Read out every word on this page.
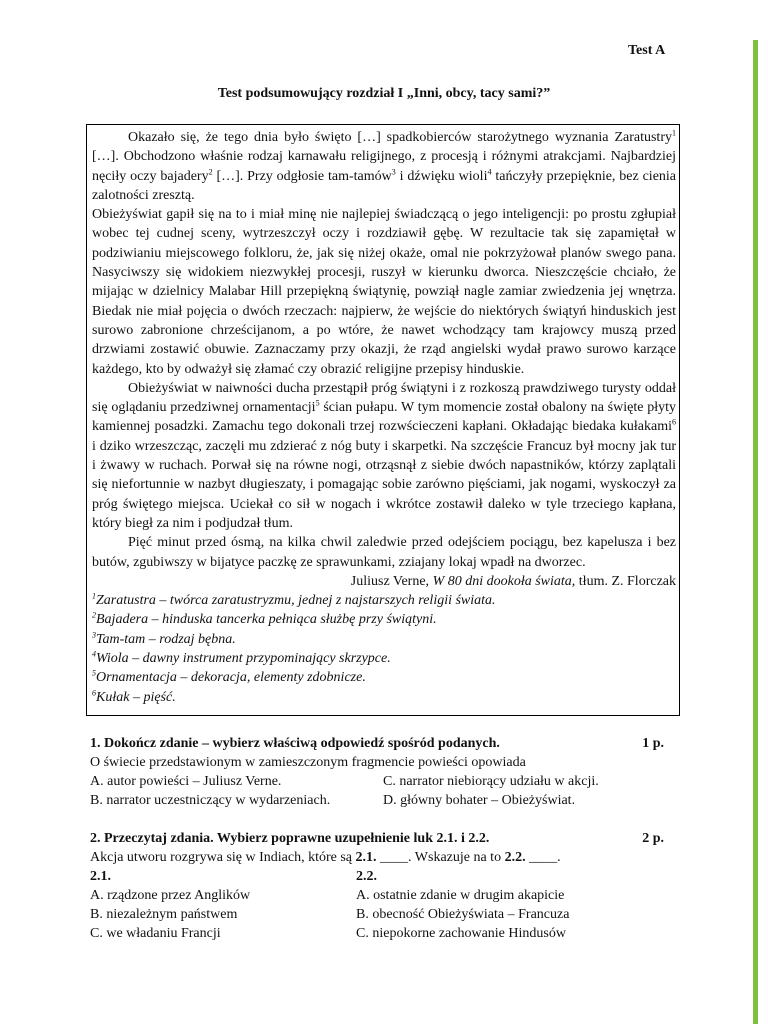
Test A
Test podsumowujący rozdział I „Inni, obcy, tacy sami?”

Okazało się, że tego dnia było święto […] spadkobierców starożytnego wyznania Zaratustry$^1$ […]. Obchodzono właśnie rodzaj karnawału religijnego, z procesją i różnymi atrakcjami. Najbardziej nęciły oczy bajadery$^2$ […]. Przy odgłosie tam-tamów$^3$ i dźwięku wioli$^4$ tańczyły przepięknie, bez cienia zalotności zresztą.

Obieżyświat gapił się na to i miał minę nie najlepiej świadczącą o jego inteligencji: po prostu zgłupiał wobec tej cudnej sceny, wytrzeszczył oczy i rozdziawił gębę. W rezultacie tak się zapamiętał w podziwianiu miejscowego folkloru, że, jak się niżej okaże, omal nie pokrzyżował planów swego pana. Nasyciwszy się widokiem niezwykłej procesji, ruszył w kierunku dworca. Nieszczęście chciało, że mijając w dzielnicy Malabar Hill przepiękną świątynię, powziął nagle zamiar zwiedzenia jej wnętrza. Biedak nie miał pojęcia o dwóch rzeczach: najpierw, że wejście do niektórych świątyń hinduskich jest surowo zabronione chrześcijanom, a po wtóre, że nawet wchodzący tam krajowcy muszą przed drzwiami zostawić obuwie. Zaznaczamy przy okazji, że rząd angielski wydał prawo surowo karzące każdego, kto by odważył się złamać czy obrazić religijne przepisy hinduskie.

Obieżyświat w naiwności ducha przestąpił próg świątyni i z rozkoszą prawdziwego turysty oddał się oglądaniu przedziwnej ornamentacji$^5$ ścian pułapu. W tym momencie został obalony na święte płyty kamiennej posadzki. Zamachu tego dokonali trzej rozwścieczeni kapłani. Okładając biedaka kułakami$^6$ i dziko wrzeszcząc, zaczęli mu zdzierać z nóg buty i skarpetki. Na szczęście Francuz był mocny jak tur i żwawy w ruchach. Porwał się na równe nogi, otrząsnął z siebie dwóch napastników, którzy zaplątali się niefortunnie w nazbyt długieszaty, i pomagając sobie zarówno pięściami, jak nogami, wyskoczył za próg świętego miejsca. Uciekał co sił w nogach i wkrótce zostawił daleko w tyle trzeciego kapłana, który biegł za nim i podjudzał tłum.

Pięć minut przed ósmą, na kilka chwil zaledwie przed odejściem pociągu, bez kapelusza i bez butów, zgubiwszy w bijatyce paczkę ze sprawunkami, zziajany lokaj wpadł na dworzec.

Juliusz Verne, W 80 dni dookoła świata, tłum. Z. Florczak

$^1$Zaratustra – twórca zaratustryzmu, jednej z najstarszych religii świata.

$^2$Bajadera – hinduska tancerka pełniąca służbę przy świątyni.

$^3$Tam-tam – rodzaj bębna.

$^4$Wiola – dawny instrument przypominający skrzypce.

$^5$Ornamentacja – dekoracja, elementy zdobnicze.

$^6$Kułak – pięść.

1. Dokończ zdanie – wybierz właściwą odpowiedź spośród podanych.	1 p.
O świecie przedstawionym w zamieszczonym fragmencie powieści opowiada
A. autor powieści – Juliusz Verne.	C. narrator niebiorący udziału w akcji.
B. narrator uczestniczący w wydarzeniach.	D. główny bohater – Obieżyświat.
2. Przeczytaj zdania. Wybierz poprawne uzupełnienie luk 2.1. i 2.2.	2 p.
Akcja utworu rozgrywa się w Indiach, które są 2.1. ____. Wskazuje na to 2.2. ____.
2.1.	2.2.
A. rządzone przez Anglików	A. ostatnie zdanie w drugim akapicie
B. niezależnym państwem	B. obecność Obieżyświata – Francuza
C. we władaniu Francji	C. niepokorne zachowanie Hindusów
